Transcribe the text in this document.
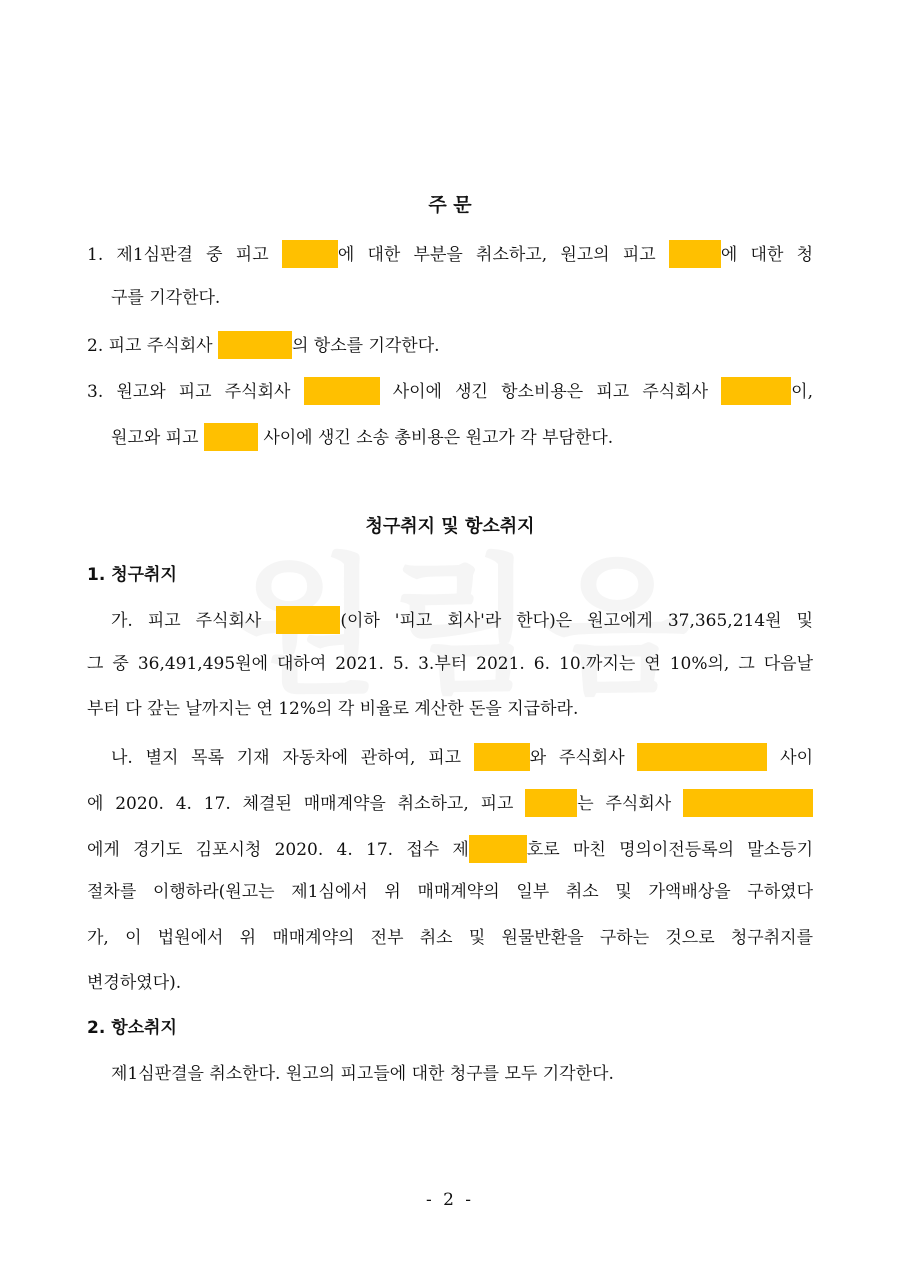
주 문
1. 제1심판결 중 피고	에 대한 부분을 취소하고, 원고의 피고	에 대한 청
구를 기각한다.
2. 피고 주식회사	의 항소를 기각한다.
3. 원고와 피고 주식회사	사이에 생긴 항소비용은 피고 주식회사	이,
원고와 피고	사이에 생긴 소송 총비용은 원고가 각 부담한다.
청구취지 및 항소취지
1. 청구취지
가. 피고 주식회사	(이하 '피고 회사'라 한다)은 원고에게 37,365,214원 및
그 중 36,491,495원에 대하여 2021. 5. 3.부터 2021. 6. 10.까지는 연 10%의, 그 다음날
부터 다 갚는 날까지는 연 12%의 각 비율로 계산한 돈을 지급하라.
나. 별지 목록 기재 자동차에 관하여, 피고	와 주식회사	사이
에 2020. 4. 17. 체결된 매매계약을 취소하고, 피고	는 주식회사
에게 경기도 김포시청 2020. 4. 17. 접수 제	호로 마친 명의이전등록의 말소등기
절차를 이행하라(원고는 제1심에서 위 매매계약의 일부 취소 및 가액배상을 구하였다
가, 이 법원에서 위 매매계약의 전부 취소 및 원물반환을 구하는 것으로 청구취지를
변경하였다).
2. 항소취지
제1심판결을 취소한다. 원고의 피고들에 대한 청구를 모두 기각한다.
- 2 -
